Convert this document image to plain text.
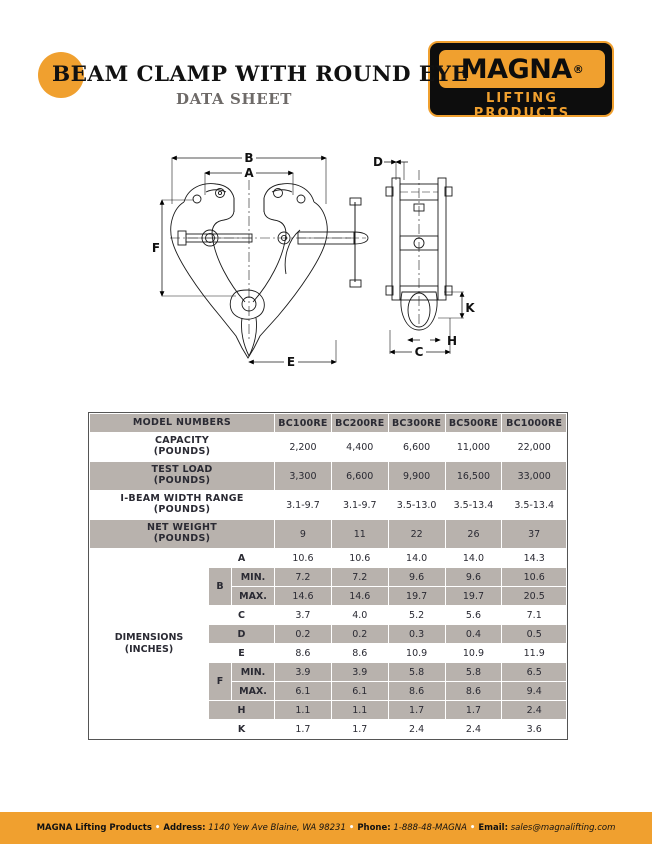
BEAM CLAMP WITH ROUND EYE
DATA SHEET
MAGNA ®
LIFTING PRODUCTS
B
A
F
E
D
K
H
C
MODEL NUMBERS			BC100RE	BC200RE	BC300RE	BC500RE	BC1000RE

CAPACITY
(POUNDS)			2,200	4,400	6,600	11,000	22,000

TEST LOAD
(POUNDS)			3,300	6,600	9,900	16,500	33,000

I-BEAM WIDTH RANGE
(POUNDS)			3.1-9.7	3.1-9.7	3.5-13.0	3.5-13.4	3.5-13.4

NET WEIGHT
(POUNDS)			9	11	22	26	37

DIMENSIONS
(INCHES)	A		10.6	10.6	14.0	14.0	14.3
	B	MIN.	7.2	7.2	9.6	9.6	10.6
		MAX.	14.6	14.6	19.7	19.7	20.5
	C		3.7	4.0	5.2	5.6	7.1
	D		0.2	0.2	0.3	0.4	0.5
	E		8.6	8.6	10.9	10.9	11.9
	F	MIN.	3.9	3.9	5.8	5.8	6.5
		MAX.	6.1	6.1	8.6	8.6	9.4
	H		1.1	1.1	1.7	1.7	2.4
	K		1.7	1.7	2.4	2.4	3.6
MAGNA Lifting Products • Address: 1140 Yew Ave Blaine, WA 98231 • Phone: 1-888-48-MAGNA • Email: sales@magnalifting.com
